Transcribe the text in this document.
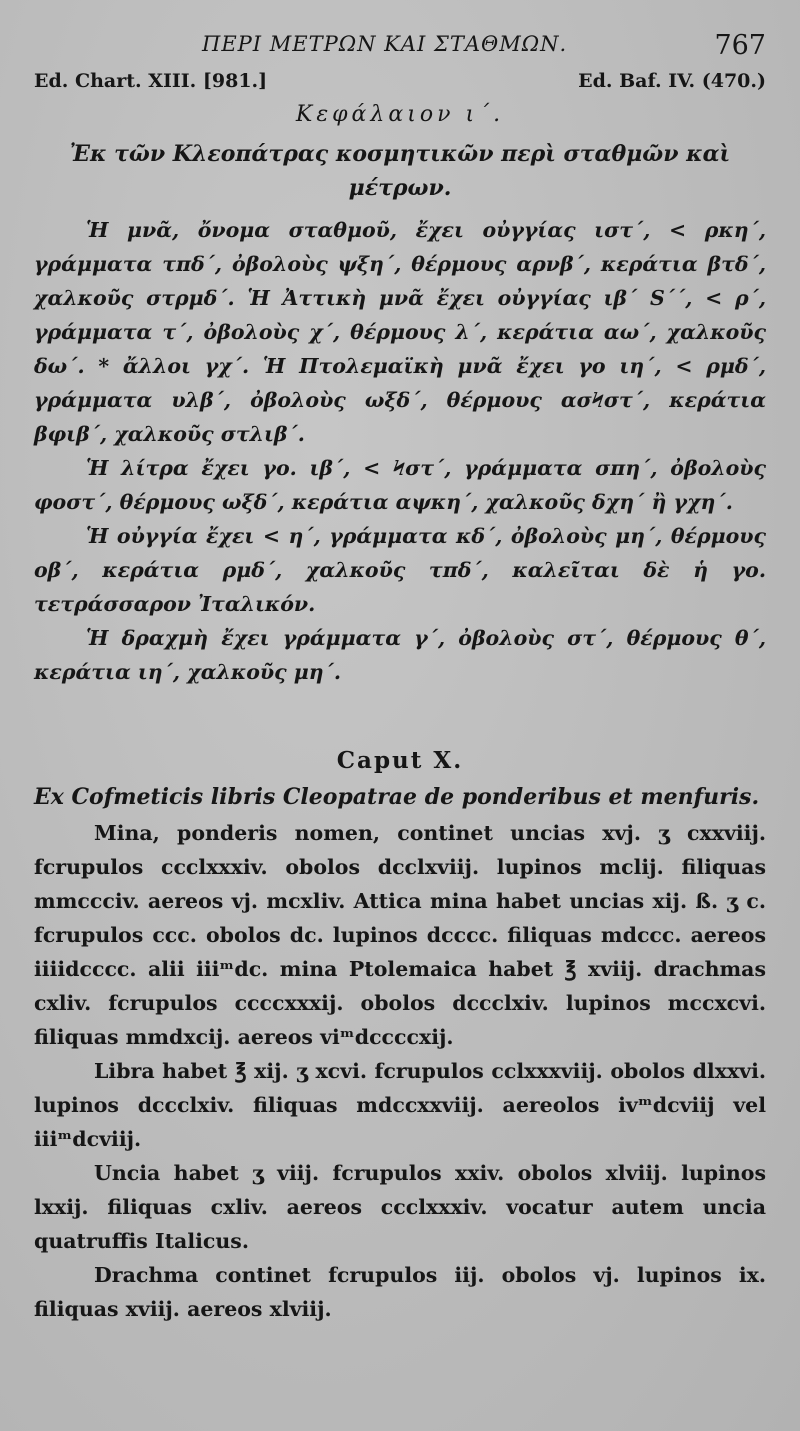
ΠΕΡΙ ΜΕΤΡΩΝ ΚΑΙ ΣΤΑΘΜΩΝ.	767
Ed. Chart. XIII. [981.]	Ed. Baf. IV. (470.)
Κεφάλαιον ι΄.
Ἐκ τῶν Κλεοπάτρας κοσμητικῶν περὶ σταθμῶν καὶ μέτρων.

Ἡ μνᾶ, ὄνομα σταθμοῦ, ἔχει οὐγγίας ιστ΄, < ρκη΄, γράμματα τπδ΄, ὀβολοὺς ψξη΄, θέρμους αρνβ΄, κεράτια βτδ΄, χαλκοῦς στρμδ΄. Ἡ Ἀττικὴ μνᾶ ἔχει οὐγγίας ιβ΄ S΄΄, < ρ΄, γράμματα τ΄, ὀβολοὺς χ΄, θέρμους λ΄, κεράτια αω΄, χαλκοῦς δω΄. * ἄλλοι γχ΄. Ἡ Πτολεμαϊκὴ μνᾶ ἔχει γο ιη΄, < ρμδ΄, γράμματα υλβ΄, ὀβολοὺς ωξδ΄, θέρμους ασϞστ΄, κεράτια βφιβ΄, χαλκοῦς στλιβ΄.

Ἡ λίτρα ἔχει γο. ιβ΄, < Ϟστ΄, γράμματα σπη΄, ὀβολοὺς φοστ΄, θέρμους ωξδ΄, κεράτια αψκη΄, χαλκοῦς δχη΄ ἢ γχη΄.

Ἡ οὐγγία ἔχει < η΄, γράμματα κδ΄, ὀβολοὺς μη΄, θέρμους οβ΄, κεράτια ρμδ΄, χαλκοῦς τπδ΄, καλεῖται δὲ ἡ γο. τετράσσαρον Ἰταλικόν.

Ἡ δραχμὴ ἔχει γράμματα γ΄, ὀβολοὺς στ΄, θέρμους θ΄, κεράτια ιη΄, χαλκοῦς μη΄.

Caput X.
Ex Cofmeticis libris Cleopatrae de ponderibus et menfuris.

Mina, ponderis nomen, continet uncias xvj. ʒ cxxviij. fcrupulos ccclxxxiv. obolos dcclxviij. lupinos mclij. filiquas mmccciv. aereos vj. mcxliv. Attica mina habet uncias xij. ß. ʒ c. fcrupulos ccc. obolos dc. lupinos dcccc. filiquas mdccc. aereos iiiidcccc. alii iiiᵐdc. mina Ptolemaica habet ℥ xviij. drachmas cxliv. fcrupulos ccccxxxij. obolos dccclxiv. lupinos mccxcvi. filiquas mmdxcij. aereos viᵐdccccxij.

Libra habet ℥ xij. ʒ xcvi. fcrupulos cclxxxviij. obolos dlxxvi. lupinos dccclxiv. filiquas mdccxxviij. aereolos ivᵐdcviij vel iiiᵐdcvіij.

Uncia habet ʒ viij. fcrupulos xxiv. obolos xlviij. lupinos lxxij. filiquas cxliv. aereos ccclxxxiv. vocatur autem uncia quatruffis Italicus.

Drachma continet fcrupulos iij. obolos vj. lupinos ix. filiquas xviij. aereos xlviij.
